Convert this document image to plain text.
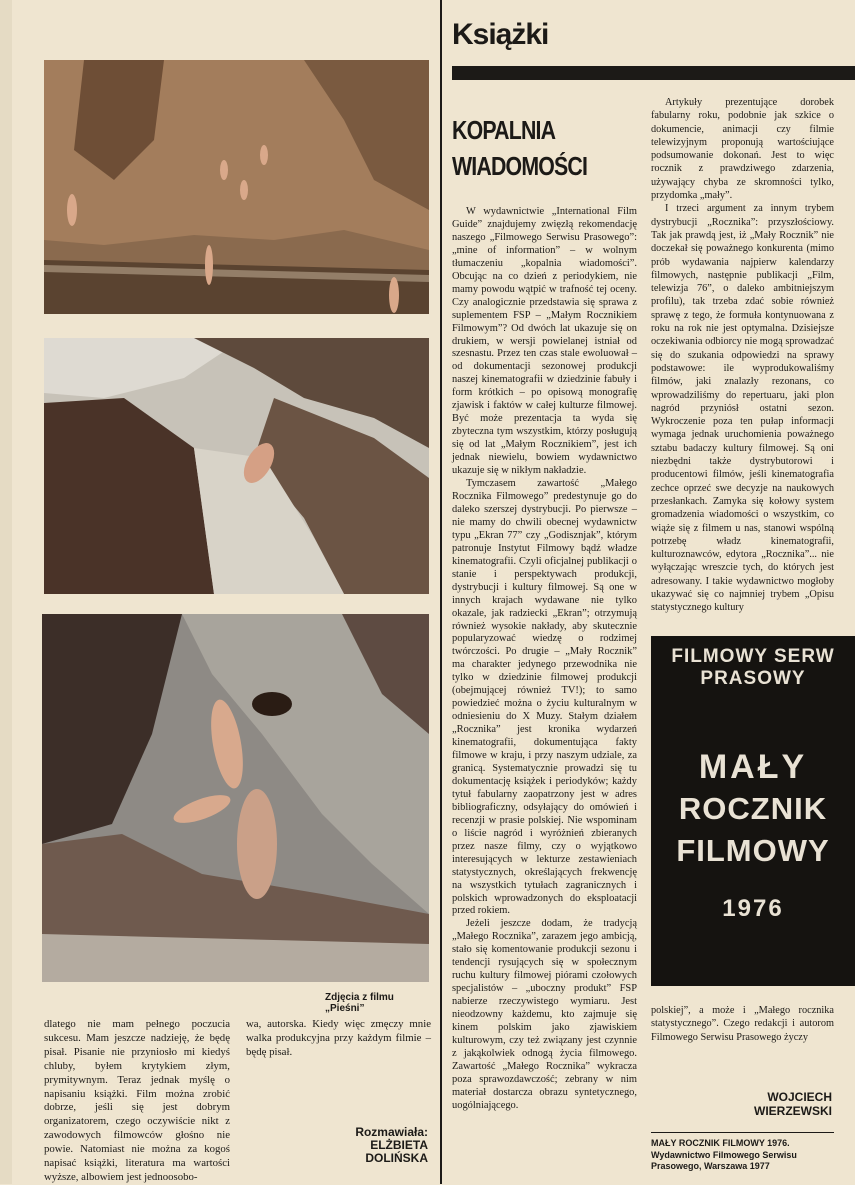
Zdjęcia z filmu „Pieśni”

dlatego nie mam pełnego poczucia sukcesu. Mam jeszcze nadzieję, że będę pisał. Pisanie nie przyniosło mi kiedyś chluby, byłem krytykiem złym, prymitywnym. Teraz jednak myślę o napisaniu książki. Film można zrobić dobrze, jeśli się jest dobrym organizatorem, czego oczywiście nikt z zawodowych filmowców głośno nie powie. Natomiast nie można za kogoś napisać książki, literatura ma wartości wyższe, albowiem jest jednoosobo-

wa, autorska. Kiedy więc zmęczy mnie walka produkcyjna przy każdym filmie – będę pisał.

Rozmawiała:
ELŻBIETA
DOLIŃSKA
Książki
KOPALNIA
WIADOMOŚCI

W wydawnictwie „International Film Guide” znajdujemy zwięzłą rekomendację naszego „Filmowego Serwisu Prasowego”: „mine of information” – w wolnym tłumaczeniu „kopalnia wiadomości”. Obcując na co dzień z periodykiem, nie mamy powodu wątpić w trafność tej oceny. Czy analogicznie przedstawia się sprawa z suplementem FSP – „Małym Rocznikiem Filmowym”? Od dwóch lat ukazuje się on drukiem, w wersji powielanej istniał od szesnastu. Przez ten czas stale ewoluował – od dokumentacji sezonowej produkcji naszej kinematografii w dziedzinie fabuły i form krótkich – po opisową monografię zjawisk i faktów w całej kulturze filmowej. Być może prezentacja ta wyda się zbyteczna tym wszystkim, którzy posługują się od lat „Małym Rocznikiem”, jest ich jednak niewielu, bowiem wydawnictwo ukazuje się w nikłym nakładzie.

Tymczasem zawartość „Małego Rocznika Filmowego” predestynuje go do dalеko szerszej dystrybucji. Po pierwsze – nie mamy do chwili obecnej wydawnictw typu „Ekran 77” czy „Godisznjak”, którym patronuje Instytut Filmowy bądź władze kinematografii. Czyli oficjalnej publikacji o stanie i perspektywach produkcji, dystrybucji i kultury filmowej. Są one w innych krajach wydawane nie tylko okazale, jak radziecki „Ekran”; otrzymują również wysokie nakłady, aby skutecznie popularyzować wiedzę o rodzimej twórczości. Po drugie – „Mały Rocznik” ma charakter jedynego przewodnika nie tylko w dziedzinie filmowej produkcji (obejmującej również TV!); to samo powiedzieć można o życiu kulturalnym w odniesieniu do X Muzy. Stałym działem „Rocznika” jest kronika wydarzeń kinematografii, dokumentująca fakty filmowe w kraju, i przy naszym udziale, za granicą. Systematycznie prowadzi się tu dokumentację książek i periodyków; każdy tytuł fabularny zaopatrzony jest w adres bibliograficzny, odsyłający do omówień i recenzji w prasie polskiej. Nie wspominam o liście nagród i wyróżnień zbieranych przez nasze filmy, czy o wyjątkowo interesujących w lekturze zestawieniach statystycznych, określających frekwencję na wszystkich tytułach zagranicznych i polskich wprowadzonych do eksploatacji przed rokiem.

Jeżeli jeszcze dodam, że tradycją „Małego Rocznika”, zarazem jego ambicją, stało się komentowanie produkcji sezonu i tendencji rysujących się w społecznym ruchu kultury filmowej piórami czołowych specjalistów – „uboczny produkt” FSP nabierze rzeczywistego wymiaru. Jest nieodzowny każdemu, kto zajmuje się kinem polskim jako zjawiskiem kulturowym, czy też związany jest czynnie z jakąkolwiek odnogą życia filmowego. Zawartość „Małego Rocznika” wykracza poza sprawozdawczość; zebrany w nim materiał dostarcza obrazu syntetycznego, uogólniającego.

Artykuły prezentujące dorobek fabularny roku, podobnie jak szkice o dokumencie, animacji czy filmie telewizyjnym proponują wartościujące podsumowanie dokonań. Jest to więc rocznik z prawdziwego zdarzenia, używający chyba ze skromności tylko, przydomka „mały”.

I trzeci argument za innym trybem dystrybucji „Rocznika”: przyszłościowy. Tak jak prawdą jest, iż „Mały Rocznik” nie doczekał się poważnego konkurenta (mimo prób wydawania najpierw kalendarzy filmowych, następnie publikacji „Film, telewizja 76”, o daleko ambitniejszym profilu), tak trzeba zdać sobie również sprawę z tego, że formuła kontynuowana z roku na rok nie jest optymalna. Dzisiejsze oczekiwania odbiorcy nie mogą sprowadzać się do szukania odpowiedzi na sprawy podstawowe: ile wyprodukowaliśmy filmów, jaki znalazły rezonans, co wprowadziliśmy do repertuaru, jaki plon nagród przyniósł ostatni sezon. Wykroczenie poza ten pułap informacji wymaga jednak uruchomienia poważnego sztabu badaczy kultury filmowej. Są oni niezbędni także dystrybutorowi i producentowi filmów, jeśli kinematografia zechce oprzeć swe decyzje na naukowych przesłankach. Zamyka się kołowy system gromadzenia wiadomości o wszystkim, co wiąże się z filmem u nas, stanowi wspólną potrzebę władz kinematografii, kulturoznawców, edytora „Rocznika”... nie wyłączając wreszcie tych, do których jest adresowany. I takie wydawnictwo mogłoby ukazywać się co najmniej trybem „Opisu statystycznego kultury

FILMOWY SERW
PRASOWY
MAŁY
ROCZNIK
FILMOWY
1976

polskiej”, a może i „Małego rocznika statystycznego”. Czego redakcji i autorom Filmowego Serwisu Prasowego życzy

WOJCIECH
WIERZEWSKI
MAŁY ROCZNIK FILMOWY 1976. Wydawnictwo Filmowego Serwisu Prasowego, Warszawa 1977
